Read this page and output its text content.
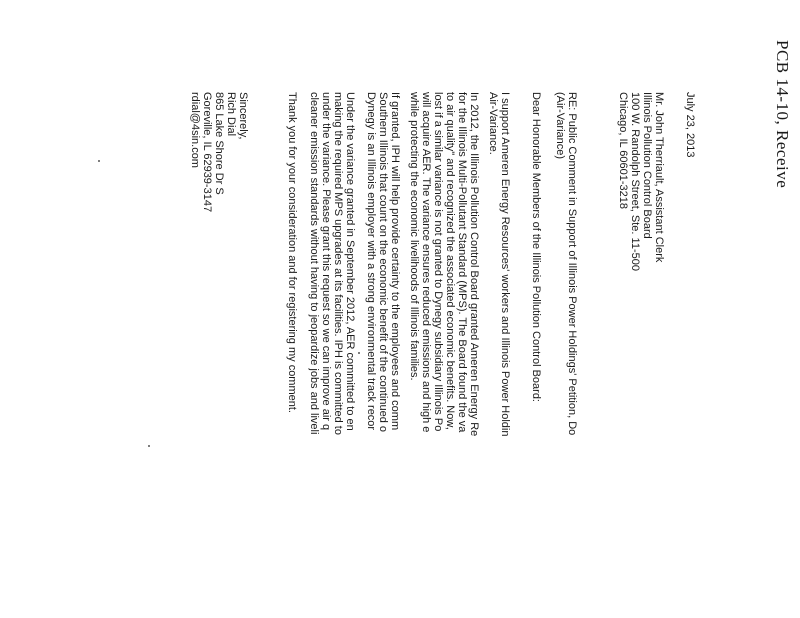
PCB 14-10, Receive
July 23, 2013
Mr. John Therriault, Assistant Clerk
Illinois Pollution Control Board
100 W. Randolph Street, Ste. 11-500
Chicago, IL 60601-3218
RE: Public Comment in Support of Illinois Power Holdings' Petition, Do
(Air-Variance)
Dear Honorable Members of the Illinois Pollution Control Board:
I support Ameren Energy Resources' workers and Illinois Power Holdin
Air-Variance.
In 2012, the Illinois Pollution Control Board granted Ameren Energy Re
for the Illinois Multi-Pollutant Standard (MPS). The Board found the va
to air quality" and recognized the associated economic benefits. Now,
lost if a similar variance is not granted to Dynegy subsidiary Illinois Po
will acquire AER. The variance ensures reduced emissions and high e
while protecting the economic livelihoods of Illinois families.
If granted, IPH will help provide certainty to the employees and comm
Southern Illinois that count on the economic benefit of the continued o
Dynegy is an Illinois employer with a strong environmental track recor
Under the variance granted in September 2012, AER committed to en
making the required MPS upgrades at its facilities. IPH is committed to
under the variance. Please grant this request so we can improve air q
cleaner emission standards without having to jeopardize jobs and liveli
Thank you for your consideration and for registering my comment.
Sincerely,
Rich Dial
865 Lake Shore Dr S
Goreville, IL 62939-3147
rdial@4sin.com
